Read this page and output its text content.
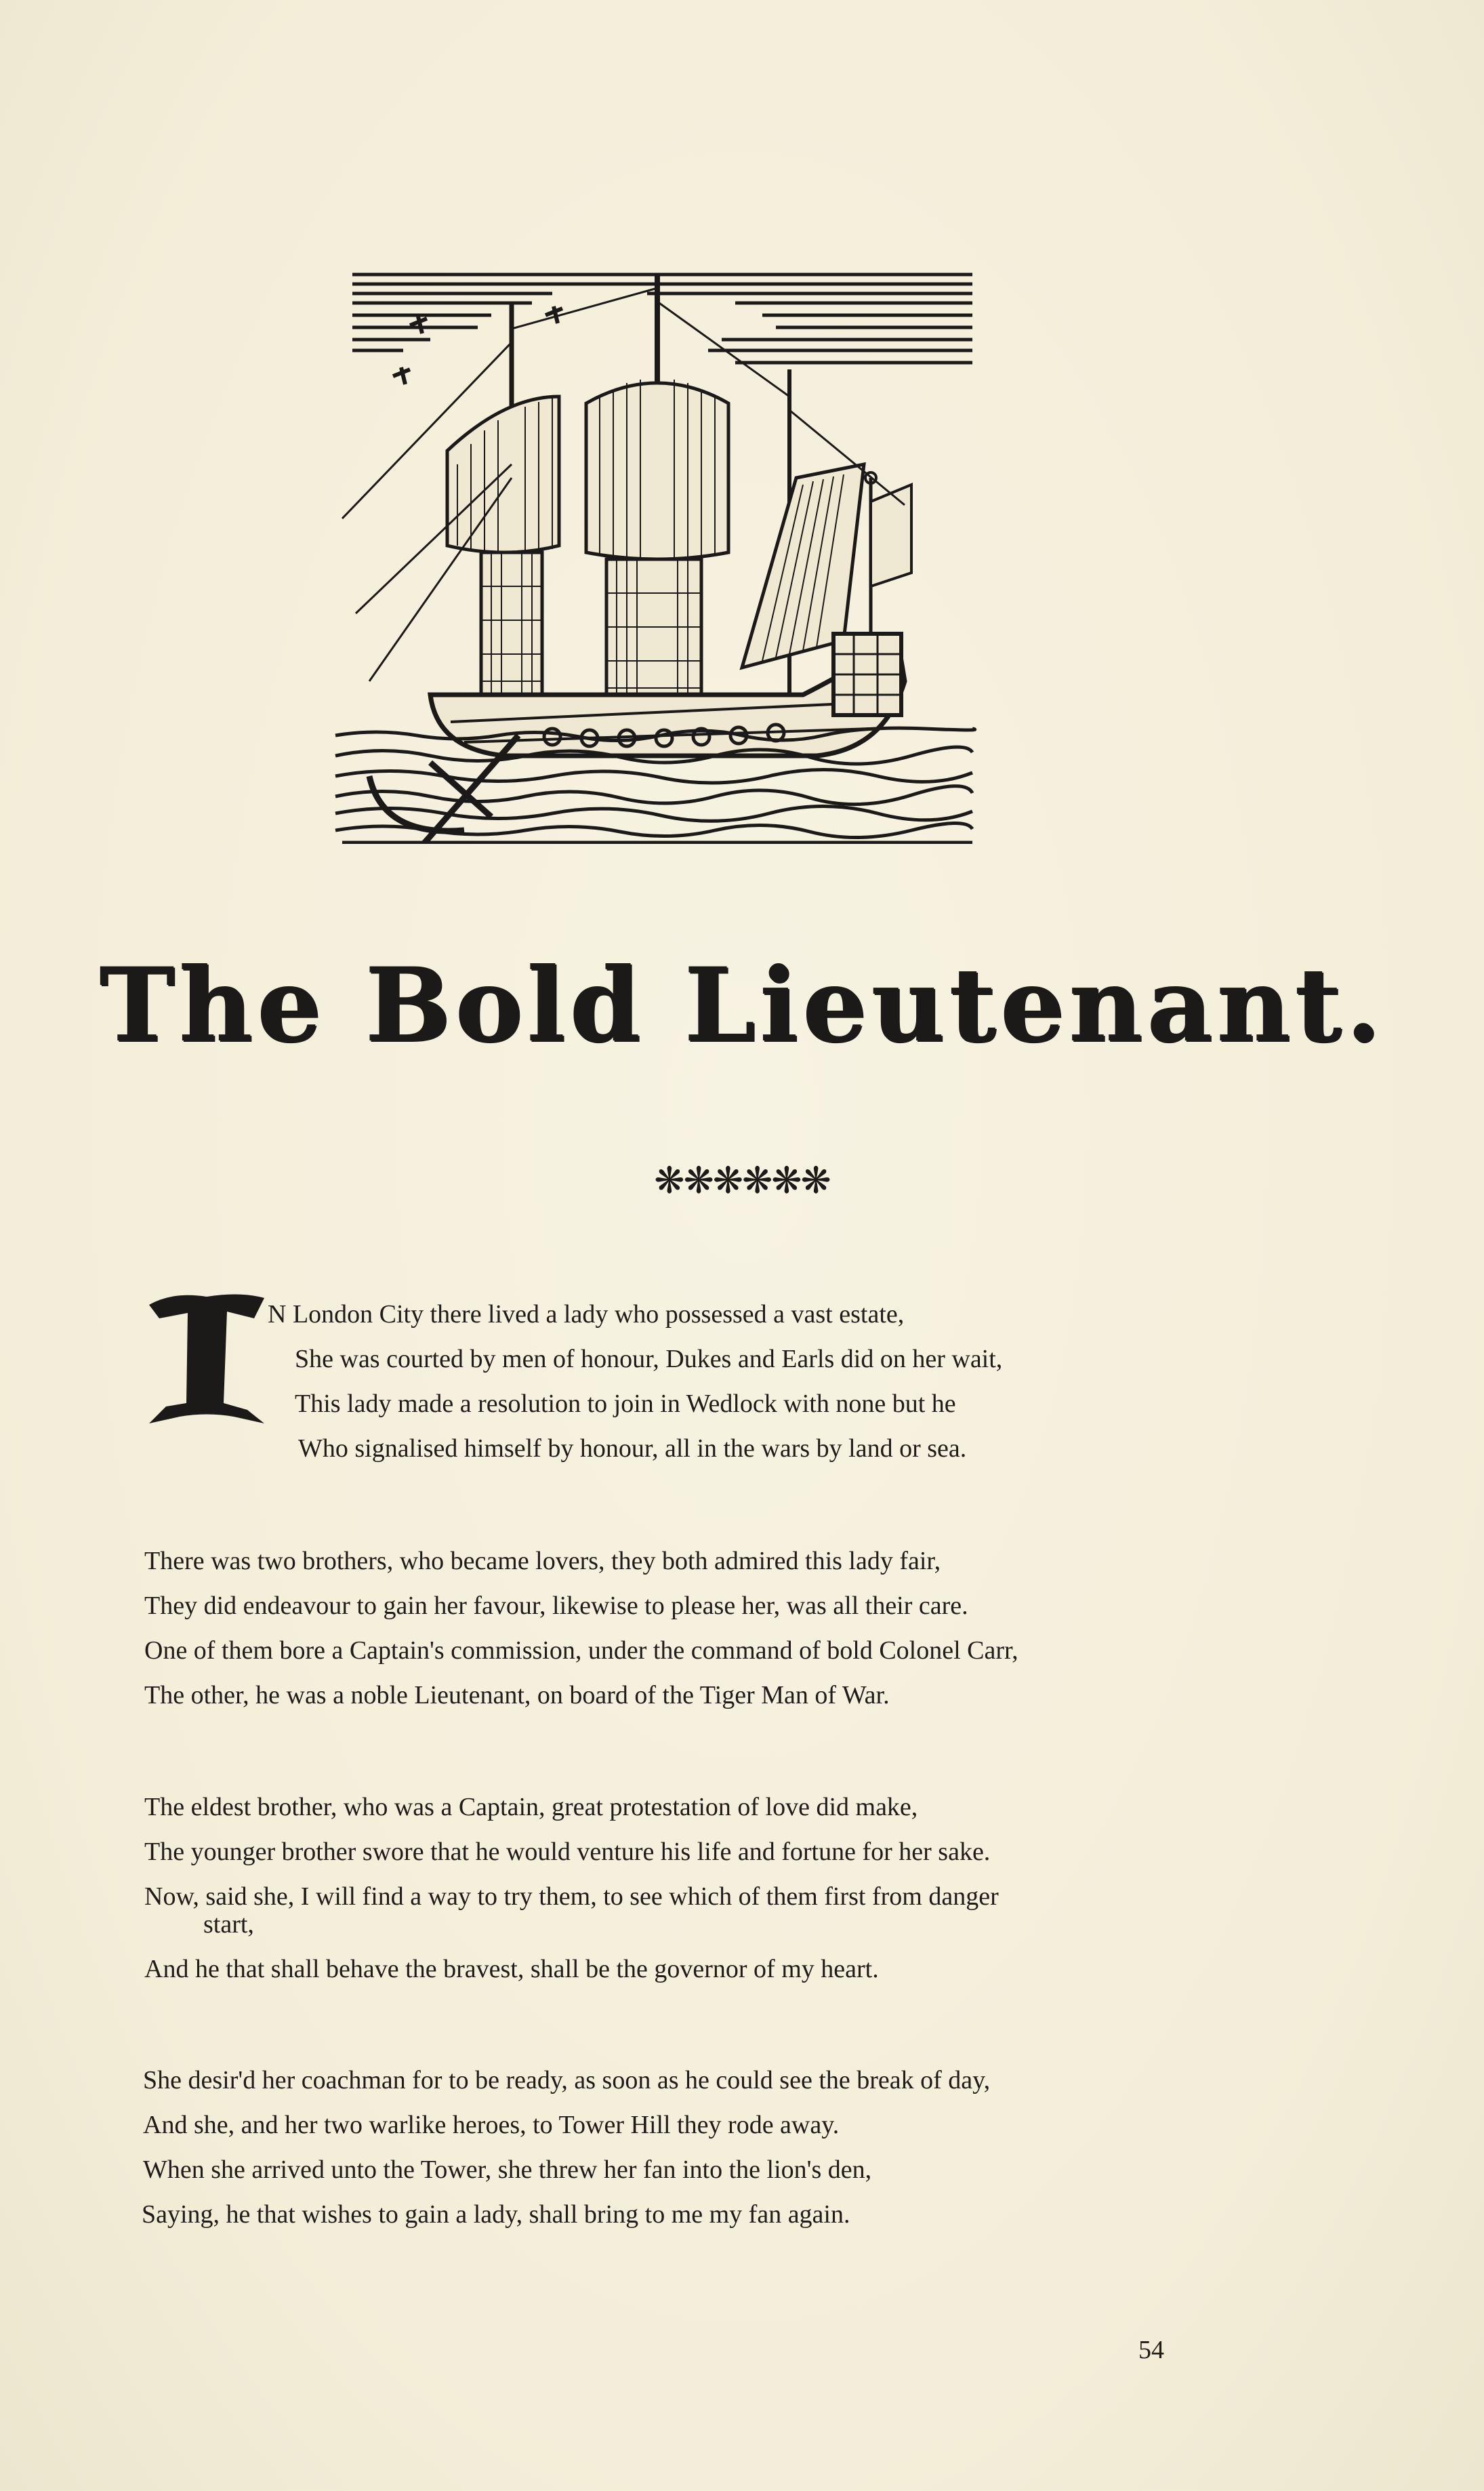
The Bold Lieutenant.
❋❋❋❋❋❋
N London City there lived a lady who possessed a vast estate,
She was courted by men of honour, Dukes and Earls did on her wait,
This lady made a resolution to join in Wedlock with none but he
Who signalised himself by honour, all in the wars by land or sea.
There was two brothers, who became lovers, they both admired this lady fair,
They did endeavour to gain her favour, likewise to please her, was all their care.
One of them bore a Captain's commission, under the command of bold Colonel Carr,
The other, he was a noble Lieutenant, on board of the Tiger Man of War.
The eldest brother, who was a Captain, great protestation of love did make,
The younger brother swore that he would venture his life and fortune for her sake.
Now, said she, I will find a way to try them, to see which of them first from danger
start,
And he that shall behave the bravest, shall be the governor of my heart.
She desir'd her coachman for to be ready, as soon as he could see the break of day,
And she, and her two warlike heroes, to Tower Hill they rode away.
When she arrived unto the Tower, she threw her fan into the lion's den,
Saying, he that wishes to gain a lady, shall bring to me my fan again.
54
